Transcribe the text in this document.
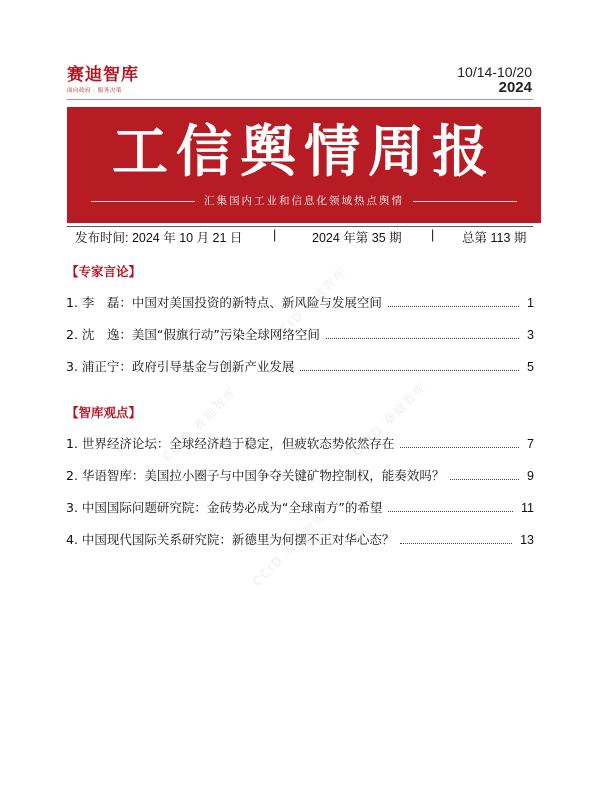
赛迪智库
面向政府 · 服务决策
10/14-10/20
2024
工信舆情周报
汇集国内工业和信息化领域热点舆情
发布时间: 2024 年 10 月 21 日 |	2024 年第 35 期 | 总第 113 期
【专家言论】
1. 李　磊：中国对美国投资的新特点、新风险与发展空间	1
2. 沈　逸：美国“假旗行动”污染全球网络空间	3
3. 浦正宁：政府引导基金与创新产业发展	5
【智库观点】
1. 世界经济论坛：全球经济趋于稳定，但疲软态势依然存在	7
2. 华语智库：美国拉小圈子与中国争夺关键矿物控制权，能奏效吗？	9
3. 中国国际问题研究院：金砖势必成为“全球南方”的希望	11
4. 中国现代国际关系研究院：新德里为何摆不正对华心态？	13
CCID 赛迪智库
CCID 赛迪智库	CCID 赛迪智库
CCID 赛迪智库
